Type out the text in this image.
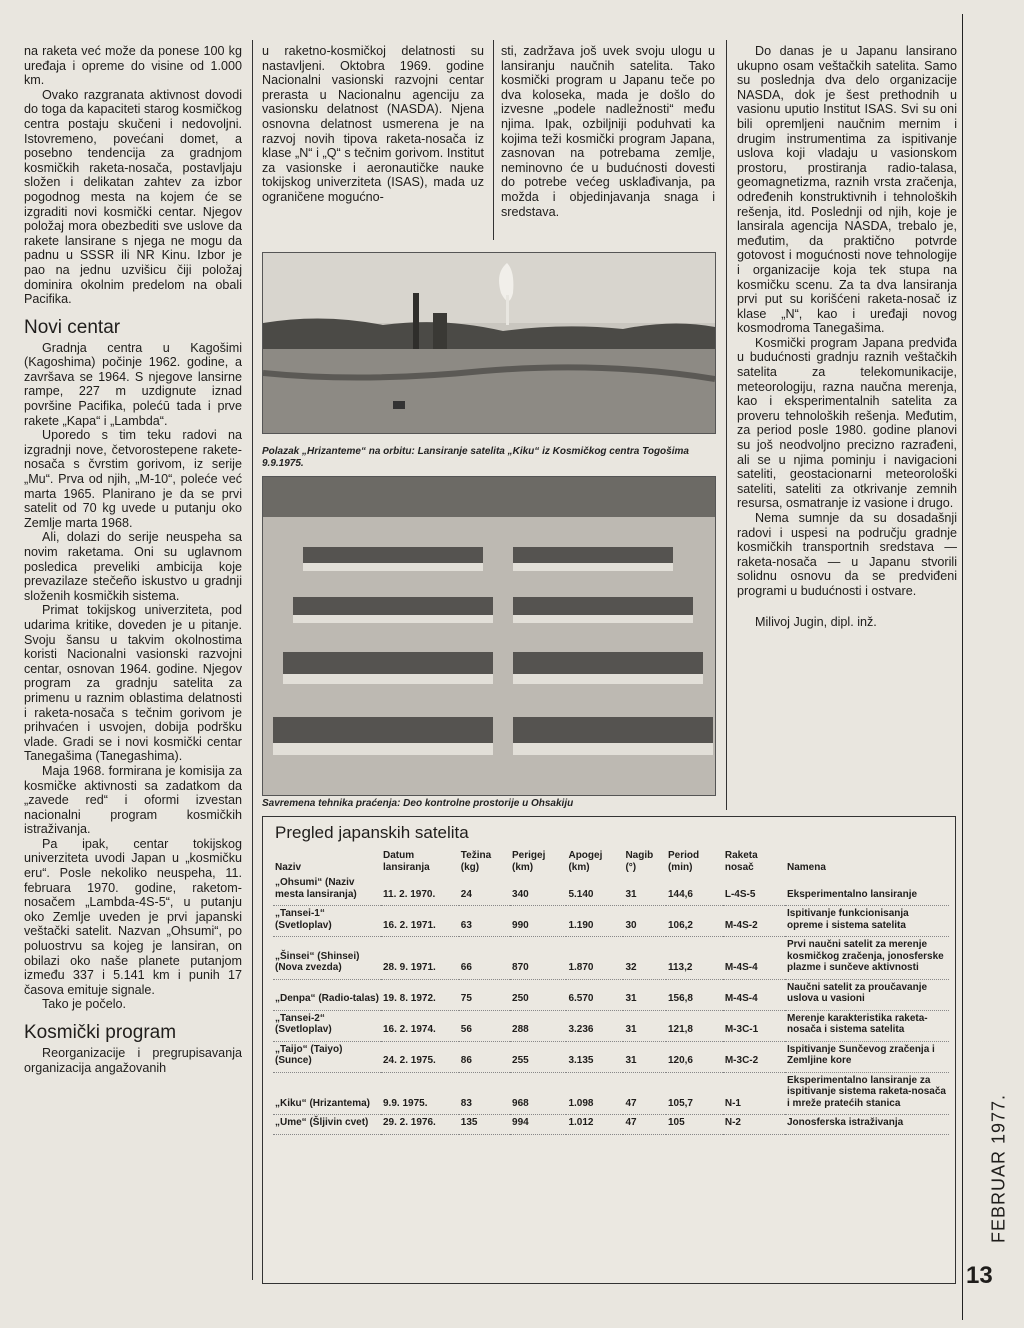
na raketa već može da ponese 100 kg uređaja i opreme do visine od 1.000 km.

Ovako razgranata aktivnost dovodi do toga da kapaciteti starog kosmičkog centra postaju skučeni i nedovoljni. Istovremeno, povećani domet, a posebno tendencija za gradnjom kosmičkih raketa-nosača, postavljaju složen i delikatan zahtev za izbor pogodnog mesta na kojem će se izgraditi novi kosmički centar. Njegov položaj mora obezbediti sve uslove da rakete lansirane s njega ne mogu da padnu u SSSR ili NR Kinu. Izbor je pao na jednu uzvišicu čiji položaj dominira okolnim predelom na obali Pacifika.

Novi centar

Gradnja centra u Kagošimi (Kagoshima) počinje 1962. godine, a završava se 1964. S njegove lansirne rampe, 227 m uzdignute iznad površine Pacifika, polećū tada i prve rakete „Kapa“ i „Lambda“.

Uporedo s tim teku radovi na izgradnji nove, četvorostepene rakete-nosača s čvrstim gorivom, iz serije „Mu“. Prva od njih, „M-10“, poleće već marta 1965. Planirano je da se prvi satelit od 70 kg uvede u putanju oko Zemlje marta 1968.

Ali, dolazi do serije neuspeha sa novim raketama. Oni su uglavnom posledica preveliki ambicija koje prevazilaze stečeño iskustvo u gradnji složenih kosmičkih sistema.

Primat tokijskog univerziteta, pod udarima kritike, doveden je u pitanje. Svoju šansu u takvim okolnostima koristi Nacionalni vasionski razvojni centar, osnovan 1964. godine. Njegov program za gradnju satelita za primenu u raznim oblastima delatnosti i raketa-nosača s tečnim gorivom je prihvaćen i usvojen, dobija podršku vlade. Gradi se i novi kosmički centar Tanegašima (Tanegashima).

Maja 1968. formirana je komisija za kosmičke aktivnosti sa zadatkom da „zavede red“ i oformi izvestan nacionalni program kosmičkih istraživanja.

Pa ipak, centar tokijskog univerziteta uvodi Japan u „kosmičku eru“. Posle nekoliko neuspeha, 11. februara 1970. godine, raketom-nosačem „Lambda-4S-5“, u putanju oko Zemlje uveden je prvi japanski veštački satelit. Nazvan „Ohsumi“, po poluostrvu sa kojeg je lansiran, on obilazi oko naše planete putanjom između 337 i 5.141 km i punih 17 časova emituje signale.

Tako je počelo.

Kosmički program

Reorganizacije i pregrupisavanja organizacija angažovanih

u raketno-kosmičkoj delatnosti su nastavljeni. Oktobra 1969. godine Nacionalni vasionski razvojni centar prerasta u Nacionalnu agenciju za vasionsku delatnost (NASDA). Njena osnovna delatnost usmerena je na razvoj novih tipova raketa-nosača iz klase „N“ i „Q“ s tečnim gorivom. Institut za vasionske i aeronautičke nauke tokijskog univerziteta (ISAS), mada uz ograničene mogućno-

sti, zadržava još uvek svoju ulogu u lansiranju naučnih satelita. Tako kosmički program u Japanu teče po dva koloseka, mada je došlo do izvesne „podele nadležnosti“ među njima. Ipak, ozbiljniji poduhvati ka kojima teži kosmički program Japana, zasnovan na potrebama zemlje, neminovno će u budućnosti dovesti do potrebe većeg usklađivanja, pa možda i objedinjavanja snaga i sredstava.

Do danas je u Japanu lansirano ukupno osam veštačkih satelita. Samo su poslednja dva delo organizacije NASDA, dok je šest prethodnih u vasionu uputio Institut ISAS. Svi su oni bili opremljeni naučnim mernim i drugim instrumentima za ispitivanje uslova koji vladaju u vasionskom prostoru, prostiranja radio-talasa, geomagnetizma, raznih vrsta zračenja, određenih konstruktivnih i tehnoloških rešenja, itd. Poslednji od njih, koje je lansirala agencija NASDA, trebalo je, međutim, da praktično potvrde gotovost i mogućnosti nove tehnologije i organizacije koja tek stupa na kosmičku scenu. Za ta dva lansiranja prvi put su korišćeni raketa-nosač iz klase „N“, kao i uređaji novog kosmodroma Tanegašima.

Kosmički program Japana predviđa u budućnosti gradnju raznih veštačkih satelita za telekomunikacije, meteorologiju, razna naučna merenja, kao i eksperimentalnih satelita za proveru tehnoloških rešenja. Međutim, za period posle 1980. godine planovi su još neodvoljno precizno razrađeni, ali se u njima pominju i navigacioni sateliti, geostacionarni meteorološki sateliti, sateliti za otkrivanje zemnih resursa, osmatranje iz vasione i drugo.

Nema sumnje da su dosadašnji radovi i uspesi na području gradnje kosmičkih transportnih sredstava — raketa-nosača — u Japanu stvorili solidnu osnovu da se predviđeni programi u budućnosti i ostvare.

Milivoj Jugin, dipl. inž.

Polazak „Hrizanteme“ na orbitu: Lansiranje satelita „Kiku“ iz Kosmičkog centra Togošima 9.9.1975.
Savremena tehnika praćenja: Deo kontrolne prostorije u Ohsakiju
Pregled japanskih satelita
Naziv	Datum lansiranja	Težina (kg)	Perigej (km)	Apogej (km)	Nagib (°)	Period (min)	Raketa nosač	Namena
„Ohsumi“ (Naziv mesta lansiranja)	11. 2. 1970.	24	340	5.140	31	144,6	L-4S-5	Eksperimentalno lansiranje
„Tansei-1“ (Svetloplav)	16. 2. 1971.	63	990	1.190	30	106,2	M-4S-2	Ispitivanje funkcionisanja opreme i sistema satelita
„Šinsei“ (Shinsei) (Nova zvezda)	28. 9. 1971.	66	870	1.870	32	113,2	M-4S-4	Prvi naučni satelit za merenje kosmičkog zračenja, jonosferske plazme i sunčeve aktivnosti
„Denpa“ (Radio-talas)	19. 8. 1972.	75	250	6.570	31	156,8	M-4S-4	Naučni satelit za proučavanje uslova u vasioni
„Tansei-2“ (Svetloplav)	16. 2. 1974.	56	288	3.236	31	121,8	M-3C-1	Merenje karakteristika raketa-nosača i sistema satelita
„Taijo“ (Taiyo) (Sunce)	24. 2. 1975.	86	255	3.135	31	120,6	M-3C-2	Ispitivanje Sunčevog zračenja i Zemljine kore
„Kiku“ (Hrizantema)	9.9. 1975.	83	968	1.098	47	105,7	N-1	Eksperimentalno lansiranje za ispitivanje sistema raketa-nosača i mreže pratećih stanica
„Ume“ (Šljivin cvet)	29. 2. 1976.	135	994	1.012	47	105	N-2	Jonosferska istraživanja	FEBRUAR 1977.
13
